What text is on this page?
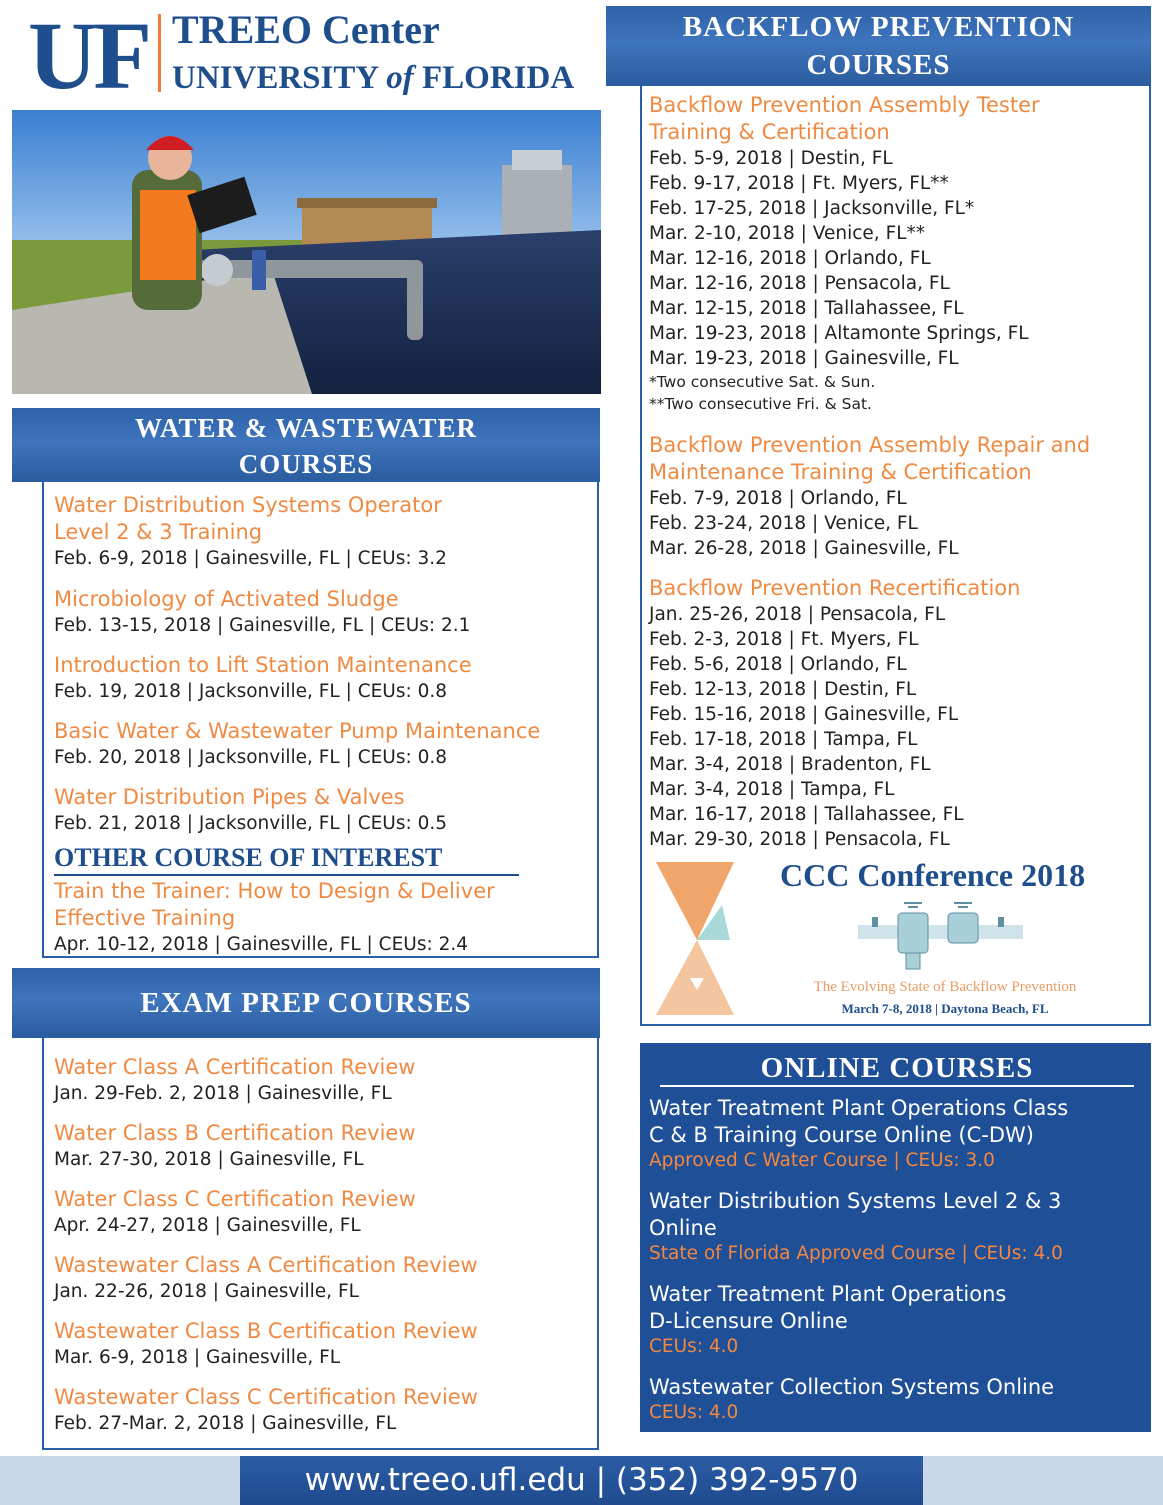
UF TREEO Center
UNIVERSITY of FLORIDA
WATER & WASTEWATER
COURSES
Water Distribution Systems Operator
Level 2 & 3 Training
Feb. 6-9, 2018 | Gainesville, FL | CEUs: 3.2
Microbiology of Activated Sludge
Feb. 13-15, 2018 | Gainesville, FL | CEUs: 2.1
Introduction to Lift Station Maintenance
Feb. 19, 2018 | Jacksonville, FL | CEUs: 0.8
Basic Water & Wastewater Pump Maintenance
Feb. 20, 2018 | Jacksonville, FL | CEUs: 0.8
Water Distribution Pipes & Valves
Feb. 21, 2018 | Jacksonville, FL | CEUs: 0.5
OTHER COURSE OF INTEREST
Train the Trainer: How to Design & Deliver
Effective Training
Apr. 10-12, 2018 | Gainesville, FL | CEUs: 2.4
EXAM PREP COURSES
Water Class A Certification Review
Jan. 29-Feb. 2, 2018 | Gainesville, FL
Water Class B Certification Review
Mar. 27-30, 2018 | Gainesville, FL
Water Class C Certification Review
Apr. 24-27, 2018 | Gainesville, FL
Wastewater Class A Certification Review
Jan. 22-26, 2018 | Gainesville, FL
Wastewater Class B Certification Review
Mar. 6-9, 2018 | Gainesville, FL
Wastewater Class C Certification Review
Feb. 27-Mar. 2, 2018 | Gainesville, FL
Backflow Prevention Assembly Tester
Training & Certification
Feb. 5-9, 2018 | Destin, FL
Feb. 9-17, 2018 | Ft. Myers, FL**
Feb. 17-25, 2018 | Jacksonville, FL*
Mar. 2-10, 2018 | Venice, FL**
Mar. 12-16, 2018 | Orlando, FL
Mar. 12-16, 2018 | Pensacola, FL
Mar. 12-15, 2018 | Tallahassee, FL
Mar. 19-23, 2018 | Altamonte Springs, FL
Mar. 19-23, 2018 | Gainesville, FL
*Two consecutive Sat. & Sun.
**Two consecutive Fri. & Sat.
Backflow Prevention Assembly Repair and
Maintenance Training & Certification
Feb. 7-9, 2018 | Orlando, FL
Feb. 23-24, 2018 | Venice, FL
Mar. 26-28, 2018 | Gainesville, FL
Backflow Prevention Recertification
Jan. 25-26, 2018 | Pensacola, FL
Feb. 2-3, 2018 | Ft. Myers, FL
Feb. 5-6, 2018 | Orlando, FL
Feb. 12-13, 2018 | Destin, FL
Feb. 15-16, 2018 | Gainesville, FL
Feb. 17-18, 2018 | Tampa, FL
Mar. 3-4, 2018 | Bradenton, FL
Mar. 3-4, 2018 | Tampa, FL
Mar. 16-17, 2018 | Tallahassee, FL
Mar. 29-30, 2018 | Pensacola, FL
BACKFLOW PREVENTION
COURSES
CCC Conference 2018
The Evolving State of Backflow Prevention
March 7-8, 2018 | Daytona Beach, FL
ONLINE COURSES
Water Treatment Plant Operations Class
C & B Training Course Online (C-DW)
Approved C Water Course | CEUs: 3.0
Water Distribution Systems Level 2 & 3
Online
State of Florida Approved Course | CEUs: 4.0
Water Treatment Plant Operations
D-Licensure Online
CEUs: 4.0
Wastewater Collection Systems Online
CEUs: 4.0
www.treeo.ufl.edu | (352) 392-9570
